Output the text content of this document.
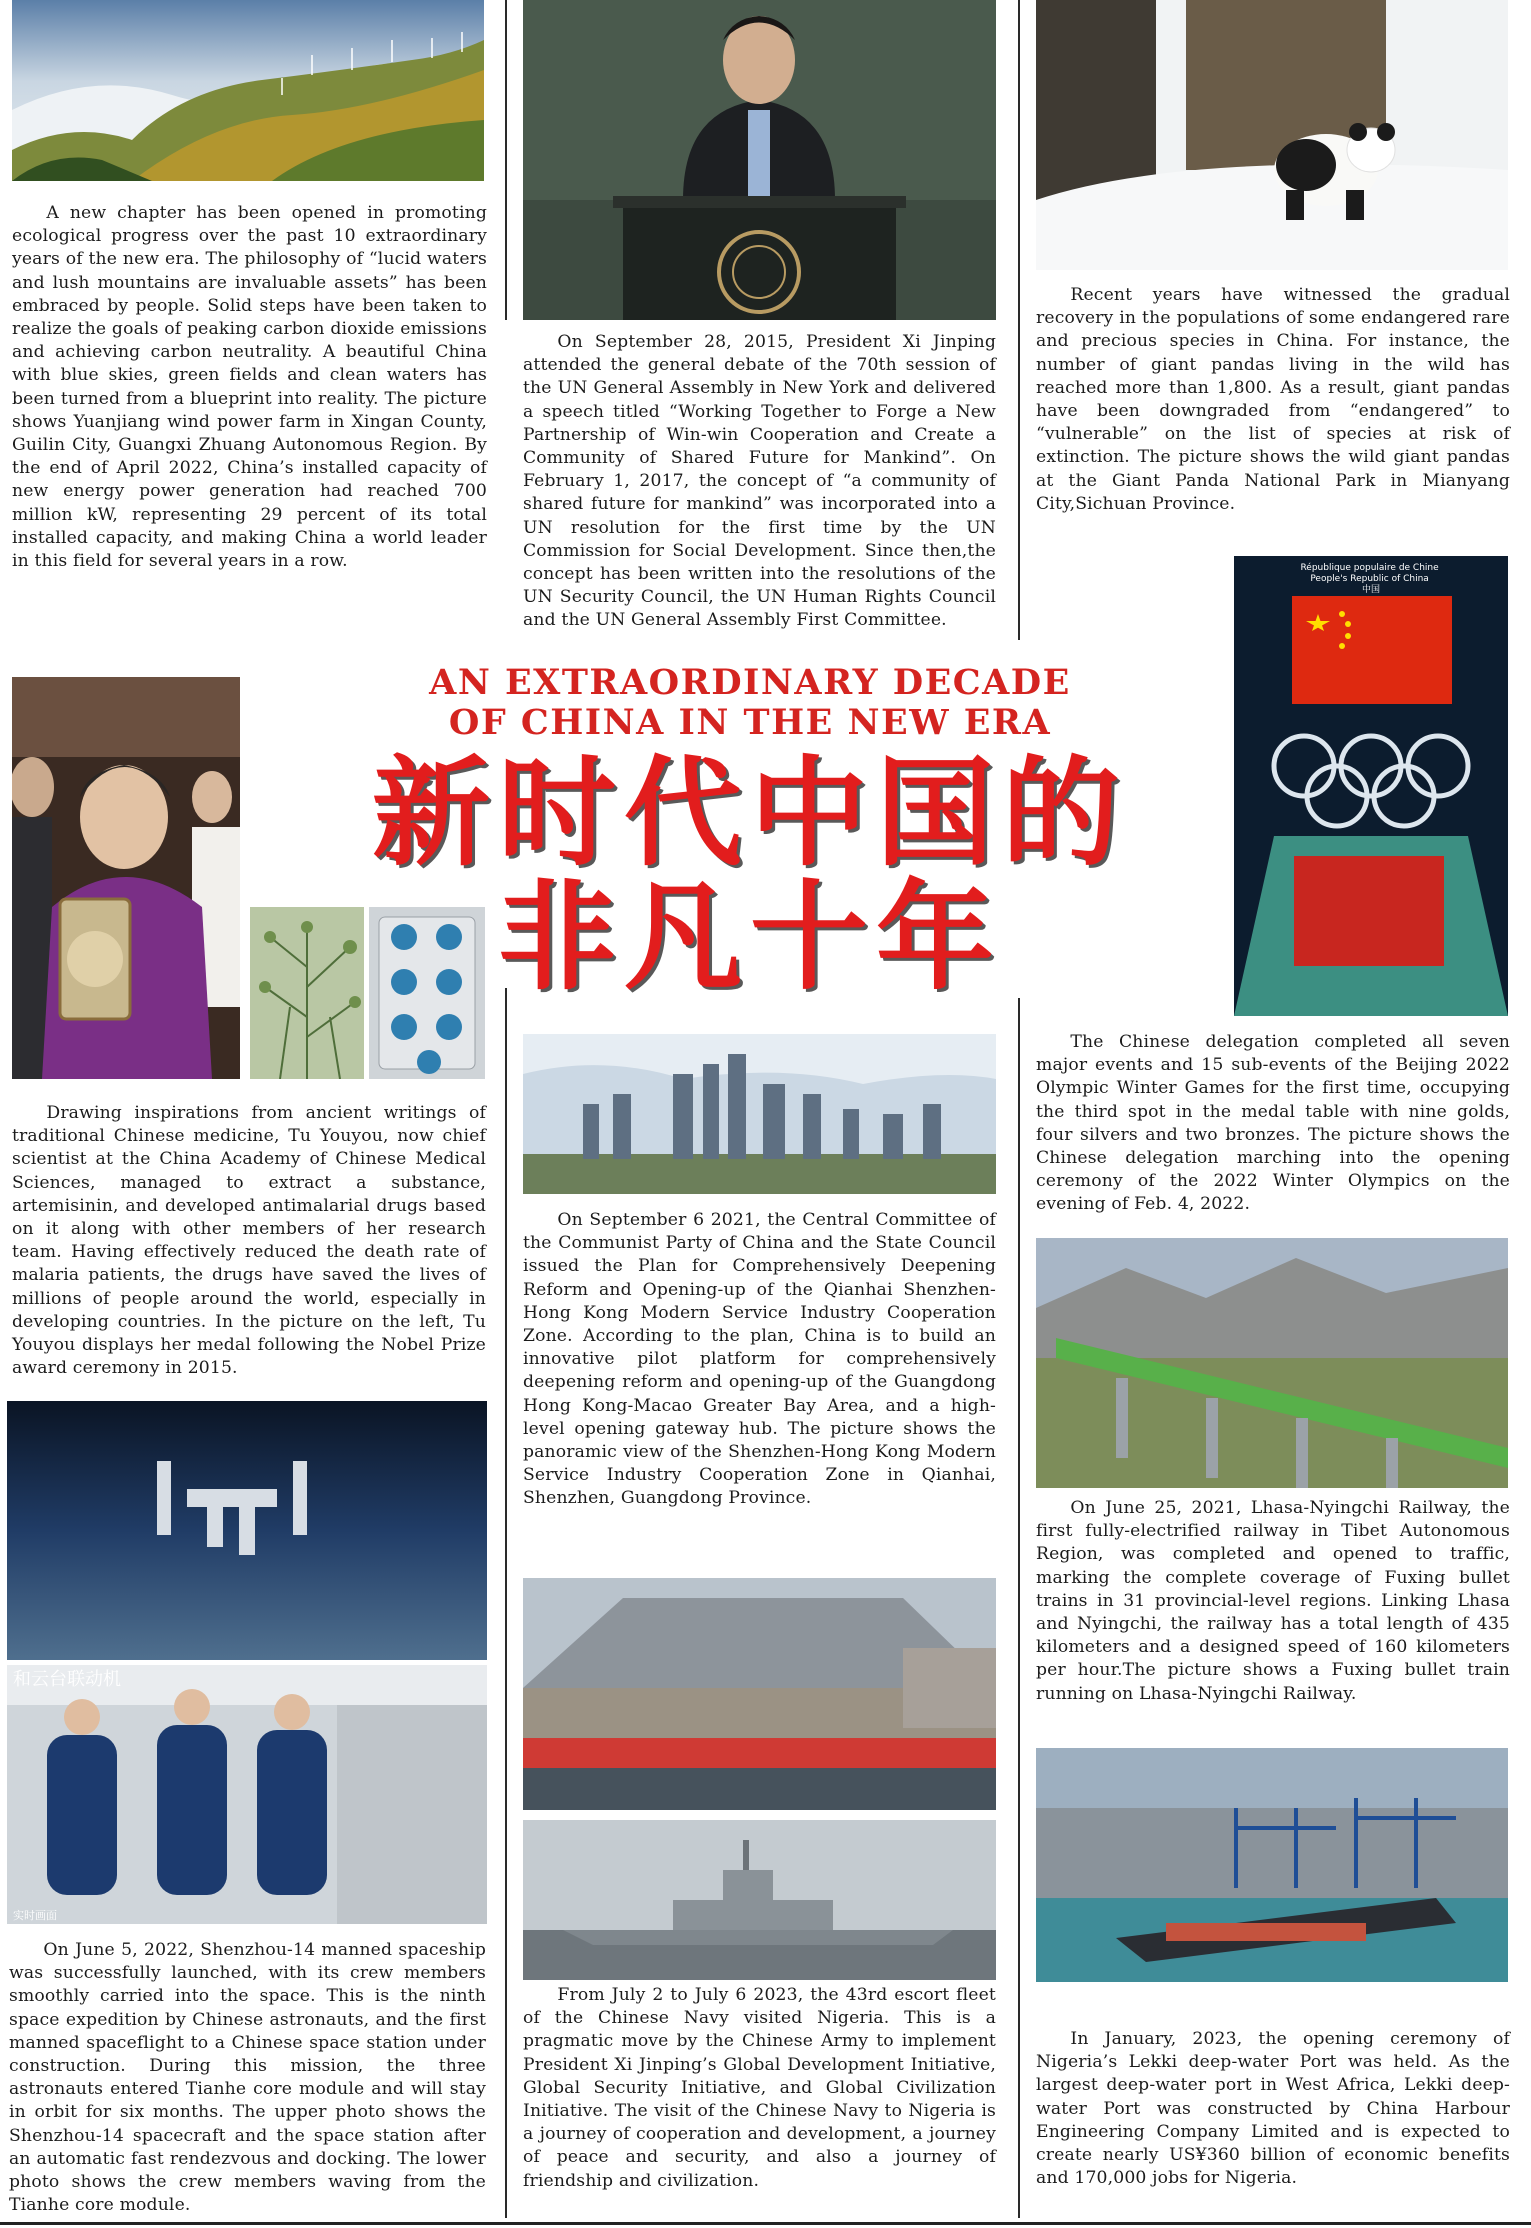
A new chapter has been opened in promoting ecological progress over the past 10 extraordinary years of the new era. The philosophy of “lucid waters and lush mountains are invaluable assets” has been embraced by people. Solid steps have been taken to realize the goals of peaking carbon dioxide emissions and achieving carbon neutrality. A beautiful China with blue skies, green fields and clean waters has been turned from a blueprint into reality. The picture shows Yuanjiang wind power farm in Xingan County, Guilin City, Guangxi Zhuang Autonomous Region. By the end of April 2022, China’s installed capacity of new energy power generation had reached 700 million kW, representing 29 percent of its total installed capacity, and making China a world leader in this field for several years in a row.

Drawing inspirations from ancient writings of traditional Chinese medicine, Tu Youyou, now chief scientist at the China Academy of Chinese Medical Sciences, managed to extract a substance, artemisinin, and developed antimalarial drugs based on it along with other members of her research team. Having effectively reduced the death rate of malaria patients, the drugs have saved the lives of millions of people around the world, especially in developing countries. In the picture on the left, Tu Youyou displays her medal following the Nobel Prize award ceremony in 2015.

和云台联动机
实时画面

On June 5, 2022, Shenzhou-14 manned spaceship was successfully launched, with its crew members smoothly carried into the space. This is the ninth space expedition by Chinese astronauts, and the first manned spaceflight to a Chinese space station under construction. During this mission, the three astronauts entered Tianhe core module and will stay in orbit for six months. The upper photo shows the Shenzhou-14 spacecraft and the space station after an automatic fast rendezvous and docking. The lower photo shows the crew members waving from the Tianhe core module.

On September 28, 2015, President Xi Jinping attended the general debate of the 70th session of the UN General Assembly in New York and delivered a speech titled “Working Together to Forge a New Partnership of Win-win Cooperation and Create a Community of Shared Future for Mankind”. On February 1, 2017, the concept of “a community of shared future for mankind” was incorporated into a UN resolution for the first time by the UN Commission for Social Development. Since then,the concept has been written into the resolutions of the UN Security Council, the UN Human Rights Council and the UN General Assembly First Committee.

AN EXTRAORDINARY DECADE
OF CHINA IN THE NEW ERA
新时代中国的
非凡十年

On September 6 2021, the Central Committee of the Communist Party of China and the State Council issued the Plan for Comprehensively Deepening Reform and Opening-up of the Qianhai Shenzhen-Hong Kong Modern Service Industry Cooperation Zone. According to the plan, China is to build an innovative pilot platform for comprehensively deepening reform and opening-up of the Guangdong Hong Kong-Macao Greater Bay Area, and a high-level opening gateway hub. The picture shows the panoramic view of the Shenzhen-Hong Kong Modern Service Industry Cooperation Zone in Qianhai, Shenzhen, Guangdong Province.

From July 2 to July 6 2023, the 43rd escort fleet of the Chinese Navy visited Nigeria. This is a pragmatic move by the Chinese Army to implement President Xi Jinping’s Global Development Initiative, Global Security Initiative, and Global Civilization Initiative. The visit of the Chinese Navy to Nigeria is a journey of cooperation and development, a journey of peace and security, and also a journey of friendship and civilization.

Recent years have witnessed the gradual recovery in the populations of some endangered rare and precious species in China. For instance, the number of giant pandas living in the wild has reached more than 1,800. As a result, giant pandas have been downgraded from “endangered” to “vulnerable” on the list of species at risk of extinction. The picture shows the wild giant pandas at the Giant Panda National Park in Mianyang City,Sichuan Province.

République populaire de Chine People's Republic of China 中国

The Chinese delegation completed all seven major events and 15 sub-events of the Beijing 2022 Olympic Winter Games for the first time, occupying the third spot in the medal table with nine golds, four silvers and two bronzes. The picture shows the Chinese delegation marching into the opening ceremony of the 2022 Winter Olympics on the evening of Feb. 4, 2022.

On June 25, 2021, Lhasa-Nyingchi Railway, the first fully-electrified railway in Tibet Autonomous Region, was completed and opened to traffic, marking the complete coverage of Fuxing bullet trains in 31 provincial-level regions. Linking Lhasa and Nyingchi, the railway has a total length of 435 kilometers and a designed speed of 160 kilometers per hour.The picture shows a Fuxing bullet train running on Lhasa-Nyingchi Railway.

In January, 2023, the opening ceremony of Nigeria’s Lekki deep-water Port was held. As the largest deep-water port in West Africa, Lekki deep-water Port was constructed by China Harbour Engineering Company Limited and is expected to create nearly US¥360 billion of economic benefits and 170,000 jobs for Nigeria.
